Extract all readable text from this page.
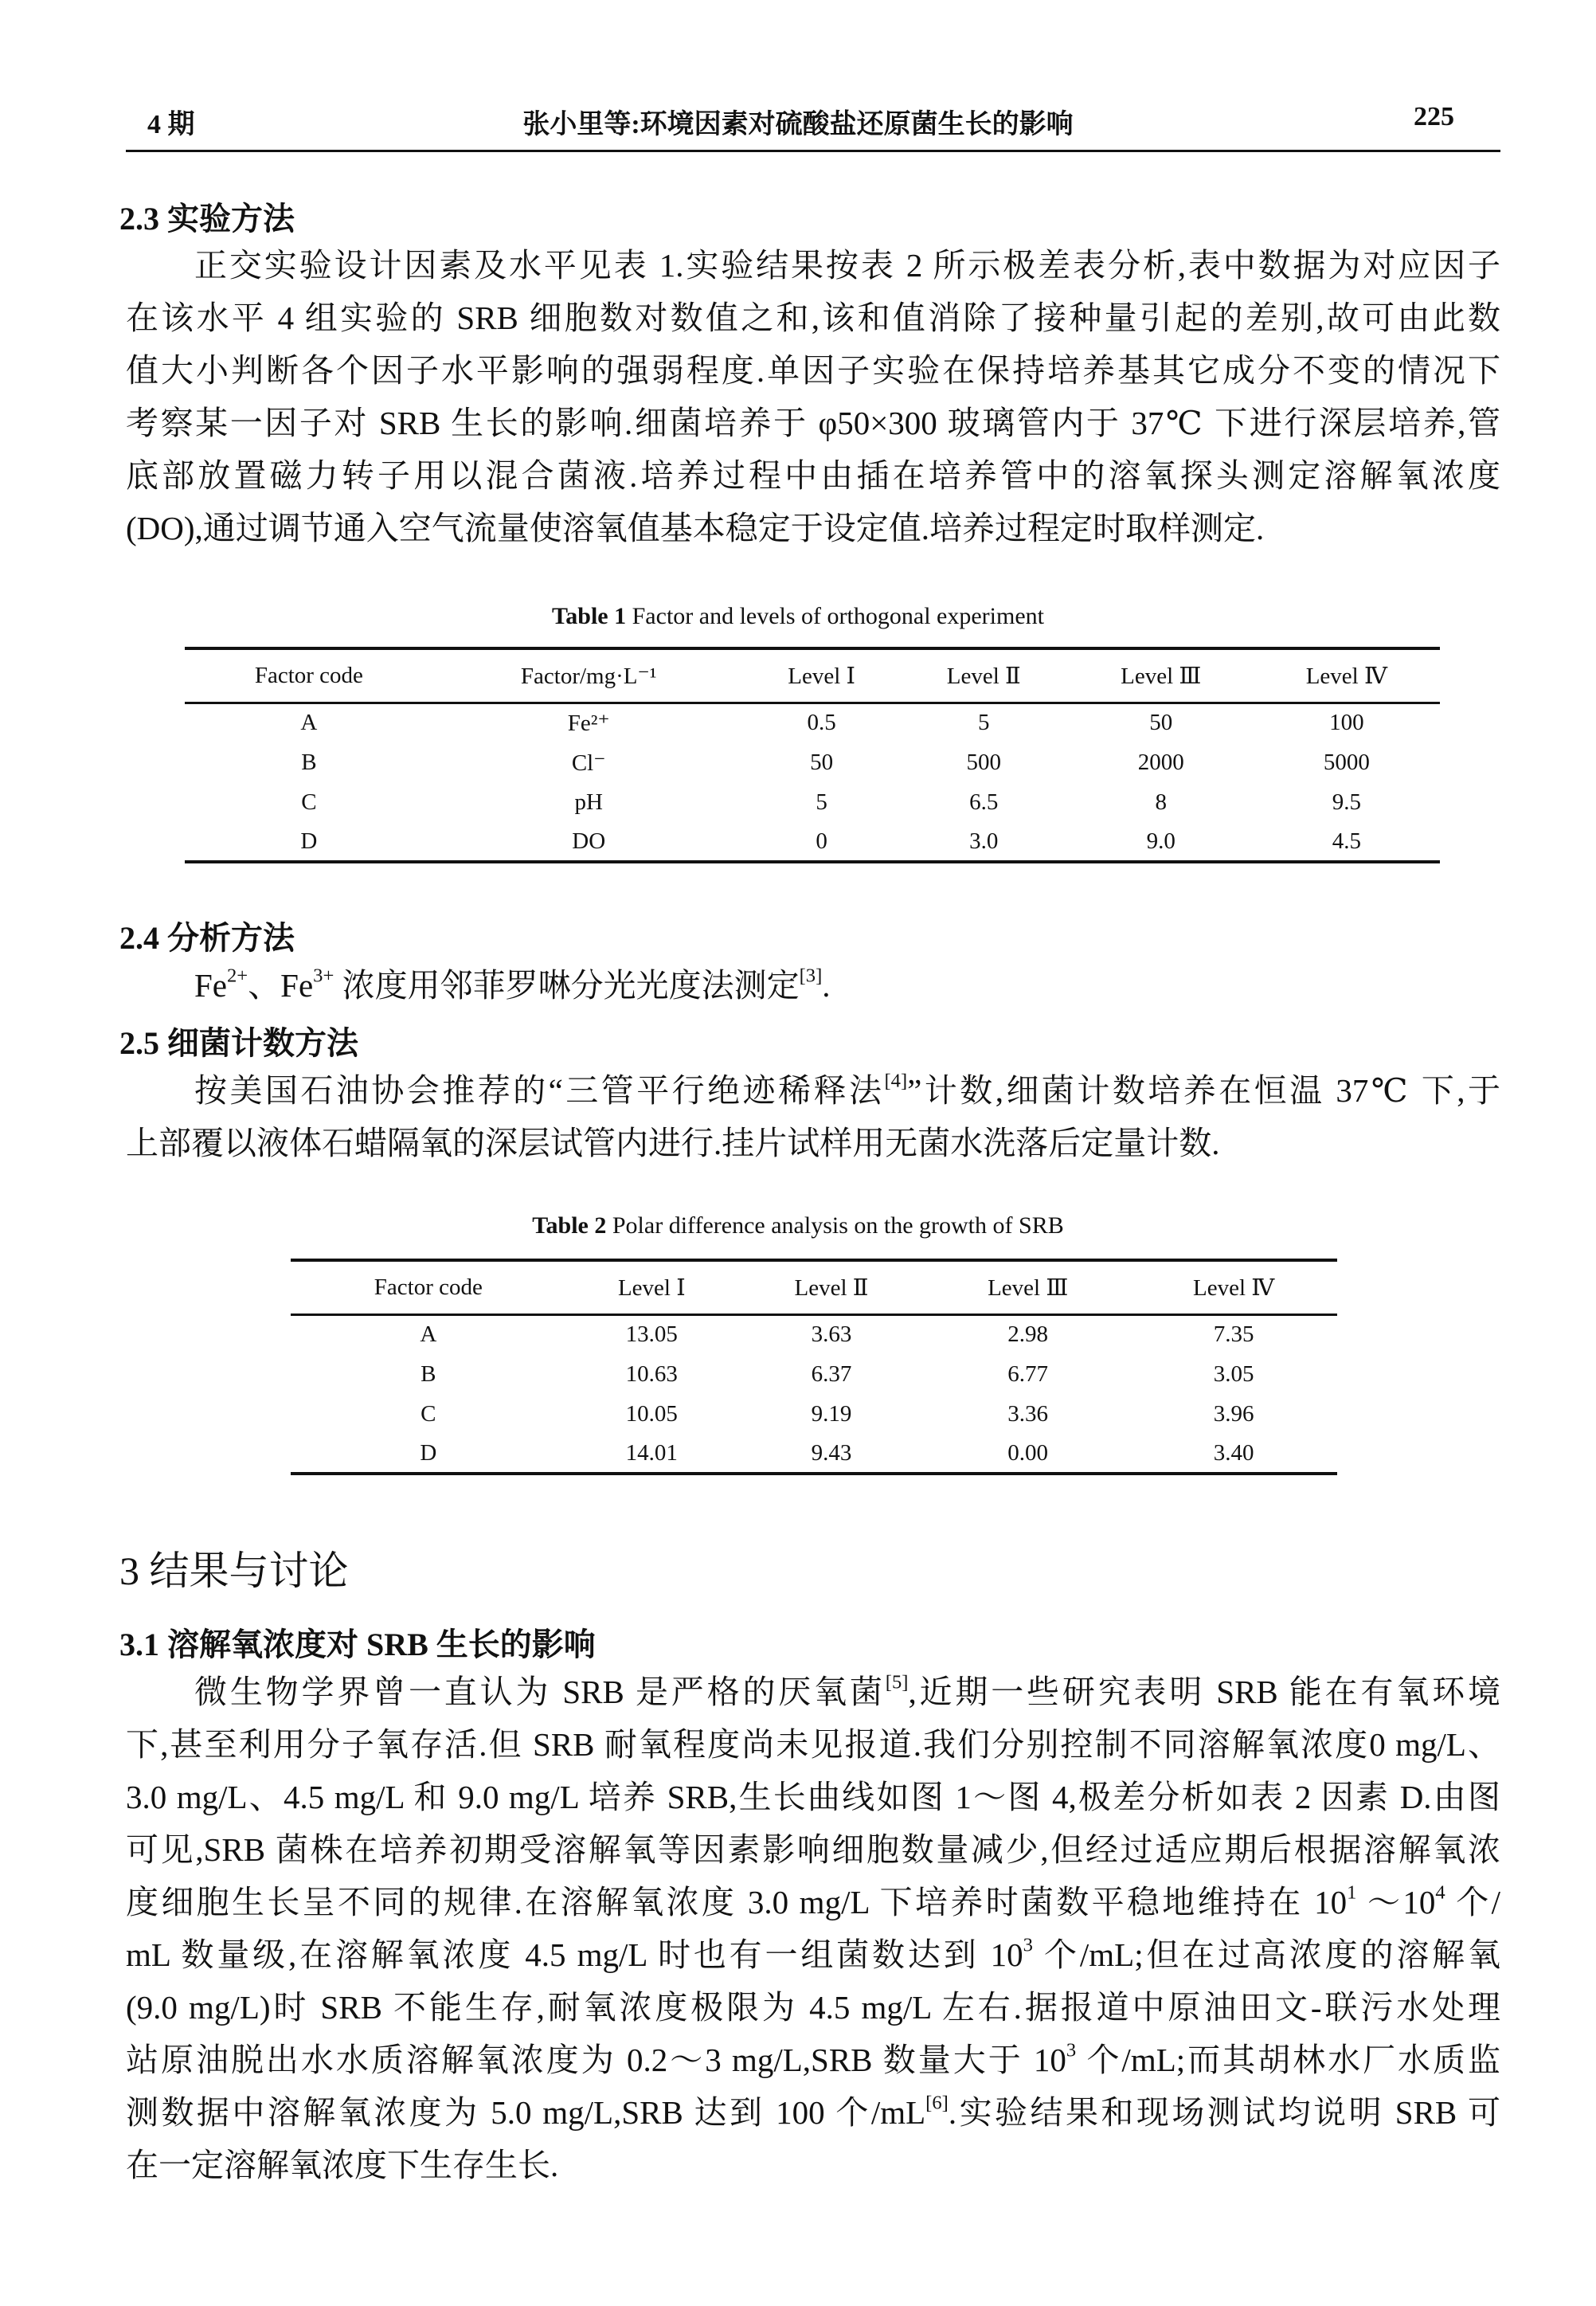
4 期	张小里等:环境因素对硫酸盐还原菌生长的影响	225
2.3 实验方法
正交实验设计因素及水平见表 1.实验结果按表 2 所示极差表分析,表中数据为对应因子
在该水平 4 组实验的 SRB 细胞数对数值之和,该和值消除了接种量引起的差别,故可由此数
值大小判断各个因子水平影响的强弱程度.单因子实验在保持培养基其它成分不变的情况下
考察某一因子对 SRB 生长的影响.细菌培养于 φ50×300 玻璃管内于 37℃ 下进行深层培养,管
底部放置磁力转子用以混合菌液.培养过程中由插在培养管中的溶氧探头测定溶解氧浓度
(DO),通过调节通入空气流量使溶氧值基本稳定于设定值.培养过程定时取样测定.
Table 1 Factor and levels of orthogonal experiment
Factor code	Factor/mg·L⁻¹	Level Ⅰ	Level Ⅱ	Level Ⅲ	Level Ⅳ
A	Fe²⁺	0.5	5	50	100
B	Cl⁻	50	500	2000	5000
C	pH	5	6.5	8	9.5
D	DO	0	3.0	9.0	4.5
2.4 分析方法
$Fe^{2+}$、$Fe^{3+}$ 浓度用邻菲罗啉分光光度法测定[3].
2.5 细菌计数方法
按美国石油协会推荐的“三管平行绝迹稀释法[4]”计数,细菌计数培养在恒温 37℃ 下,于
上部覆以液体石蜡隔氧的深层试管内进行.挂片试样用无菌水洗落后定量计数.
Table 2 Polar difference analysis on the growth of SRB
Factor code	Level Ⅰ	Level Ⅱ	Level Ⅲ	Level Ⅳ
A	13.05	3.63	2.98	7.35
B	10.63	6.37	6.77	3.05
C	10.05	9.19	3.36	3.96
D	14.01	9.43	0.00	3.40
3 结果与讨论
3.1 溶解氧浓度对 SRB 生长的影响
微生物学界曾一直认为 SRB 是严格的厌氧菌[5],近期一些研究表明 SRB 能在有氧环境
下,甚至利用分子氧存活.但 SRB 耐氧程度尚未见报道.我们分别控制不同溶解氧浓度0 mg/L、
3.0 mg/L、4.5 mg/L 和 9.0 mg/L 培养 SRB,生长曲线如图 1～图 4,极差分析如表 2 因素 D.由图
可见,SRB 菌株在培养初期受溶解氧等因素影响细胞数量减少,但经过适应期后根据溶解氧浓
度细胞生长呈不同的规律.在溶解氧浓度 3.0 mg/L 下培养时菌数平稳地维持在 $10^1$ $\sim 10^4$ 个/
mL 数量级,在溶解氧浓度 4.5 mg/L 时也有一组菌数达到 $10^3$ 个/mL;但在过高浓度的溶解氧
(9.0 mg/L)时 SRB 不能生存,耐氧浓度极限为 4.5 mg/L 左右.据报道中原油田文-联污水处理
站原油脱出水水质溶解氧浓度为 0.2～3 mg/L,SRB 数量大于 $10^3$ 个/mL;而其胡林水厂水质监
测数据中溶解氧浓度为 5.0 mg/L,SRB 达到 100 个/mL[6].实验结果和现场测试均说明 SRB 可
在一定溶解氧浓度下生存生长.
